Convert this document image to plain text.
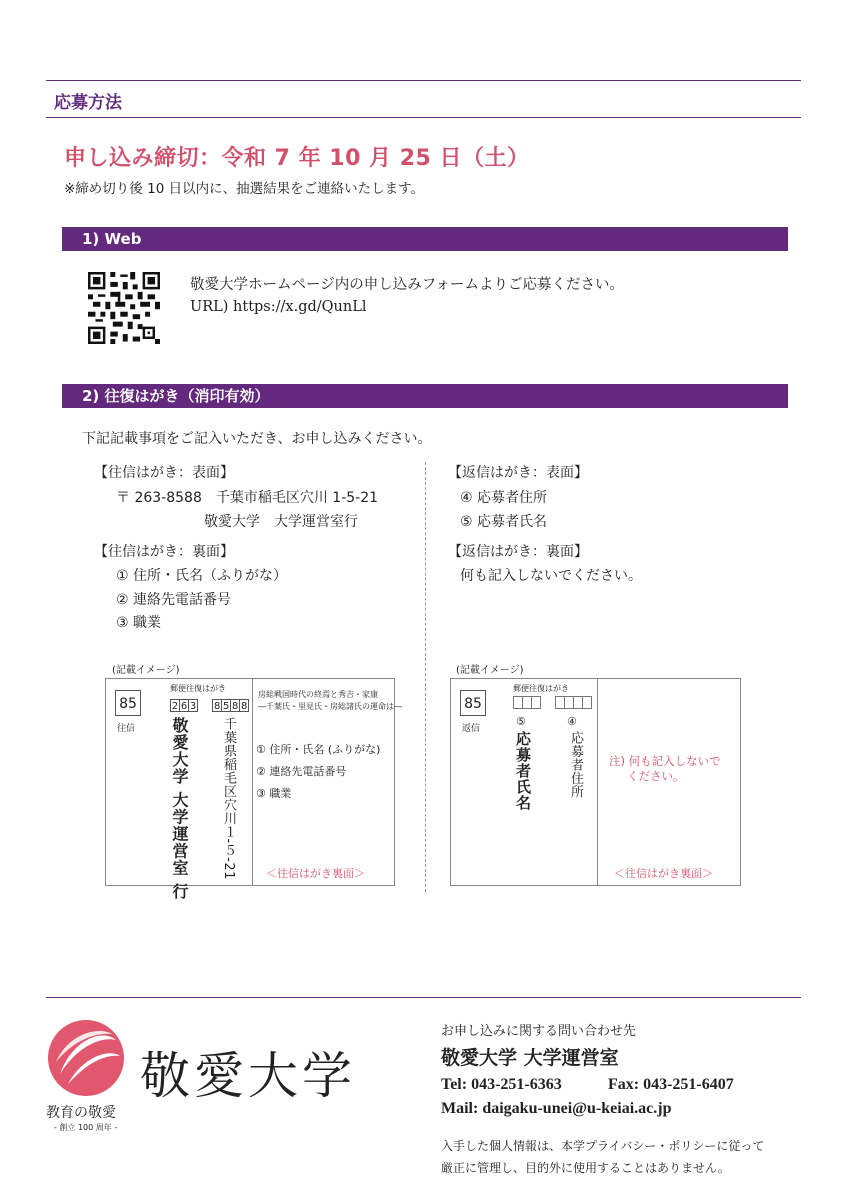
応募方法
申し込み締切：令和 7 年 10 月 25 日（土）
※締め切り後 10 日以内に、抽選結果をご連絡いたします。
1) Web
敬愛大学ホームページ内の申し込みフォームよりご応募ください。
URL) https://x.gd/QunLl
2) 往復はがき（消印有効）
下記記載事項をご記入いただき、お申し込みください。
【往信はがき：表面】
〒 263-8588　千葉市稲毛区穴川 1-5-21
敬愛大学　大学運営室行
【往信はがき：裏面】
① 住所・氏名（ふりがな）
② 連絡先電話番号
③ 職業
【返信はがき：表面】
④ 応募者住所
⑤ 応募者氏名
【返信はがき：裏面】
何も記入しないでください。
(記載イメージ)
85
往信
郵便往復はがき
2 6 3 8 5 8 8
敬愛大学 大学運営室 行 千葉県稲毛区穴川１-５-21
房総戦国時代の終焉と秀吉・家康
―千葉氏・里見氏・房総諸氏の運命は―
① 住所・氏名 (ふりがな)
② 連絡先電話番号
③ 職業
＜往信はがき裏面＞
(記載イメージ)
85
返信
郵便往復はがき

④
応募者住所
⑤
応募者氏名	注) 何も記入しないで
ください。
＜往信はがき裏面＞
教育の敬愛
- 創立 100 周年 -
敬愛大学
お申し込みに関する問い合わせ先
敬愛大学 大学運営室
Tel: 043-251-6363	Fax: 043-251-6407
Mail: daigaku-unei@u-keiai.ac.jp
入手した個人情報は、本学プライバシー・ポリシーに従って
厳正に管理し、目的外に使用することはありません。
